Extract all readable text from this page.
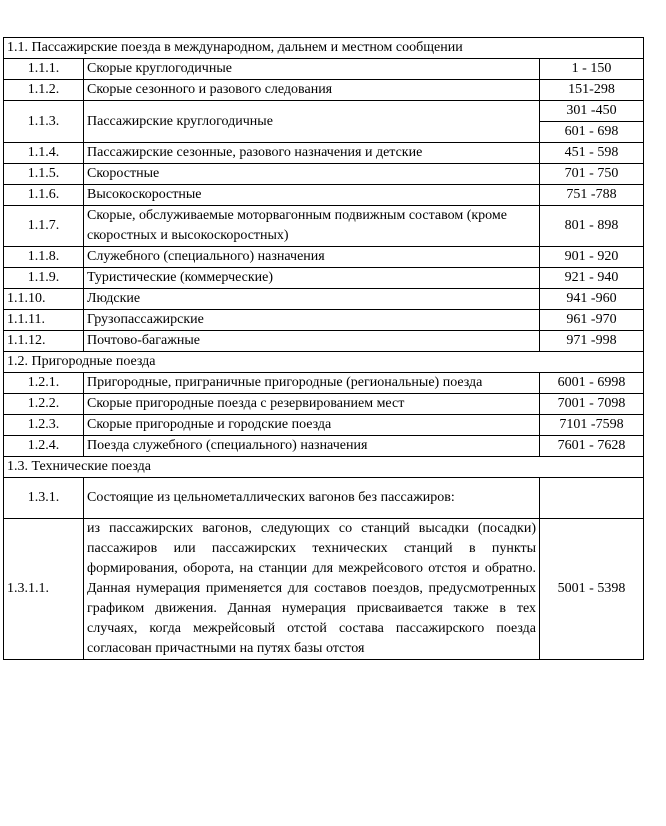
1.1. Пассажирские поезда в международном, дальнем и местном сообщении		
1.1.1.	Скорые круглогодичные	1 - 150
1.1.2.	Скорые сезонного и разового следования	151-298
1.1.3.	Пассажирские круглогодичные	301 -450
		601 - 698
1.1.4.	Пассажирские сезонные, разового назначения и детские	451 - 598
1.1.5.	Скоростные	701 - 750
1.1.6.	Высокоскоростные	751 -788
1.1.7.	Скорые, обслуживаемые моторвагонным подвижным составом (кроме скоростных и высокоскоростных)	801 - 898
1.1.8.	Служебного (специального) назначения	901 - 920
1.1.9.	Туристические (коммерческие)	921 - 940
1.1.10.	Людские	941 -960
1.1.11.	Грузопассажирские	961 -970
1.1.12.	Почтово-багажные	971 -998
1.2. Пригородные поезда		
1.2.1.	Пригородные, приграничные пригородные (региональные) поезда	6001 - 6998
1.2.2.	Скорые пригородные поезда с резервированием мест	7001 - 7098
1.2.3.	Скорые пригородные и городские поезда	7101 -7598
1.2.4.	Поезда служебного (специального) назначения	7601 - 7628
1.3. Технические поезда		
1.3.1.	Состоящие из цельнометаллических вагонов без пассажиров:	
1.3.1.1.	из пассажирских вагонов, следующих со станций высадки (посадки) пассажиров или пассажирских технических станций в пункты формирования, оборота, на станции для межрейсового отстоя и обратно. Данная нумерация применяется для составов поездов, предусмотренных графиком движения. Данная нумерация присваивается также в тех случаях, когда межрейсовый отстой состава пассажирского поезда согласован причастными на путях базы отстоя	5001 - 5398
